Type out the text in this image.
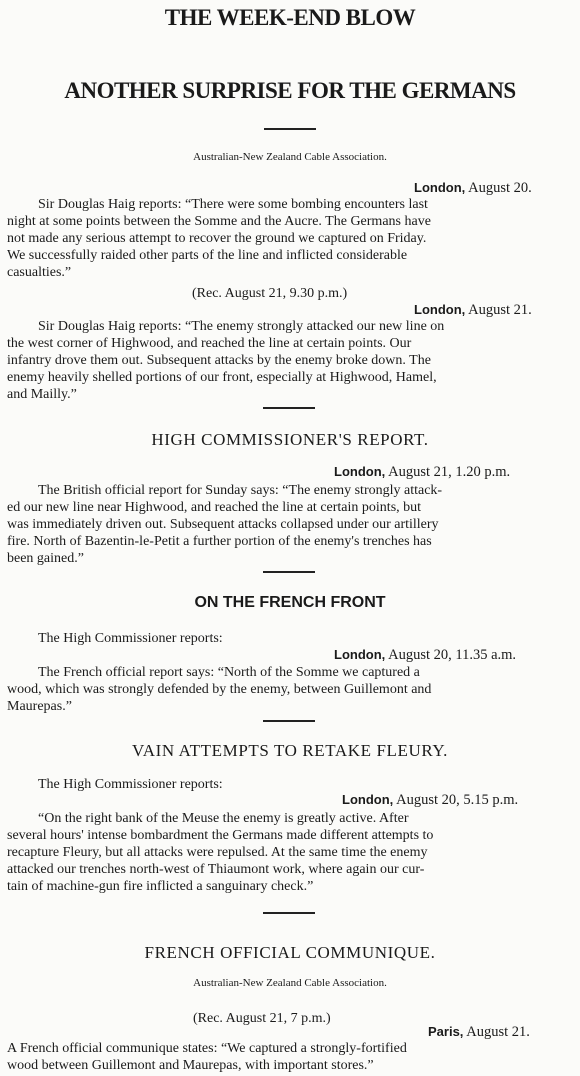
THE WEEK-END BLOW
ANOTHER SURPRISE FOR THE GERMANS
Australian-New Zealand Cable Association.
London, August 20.
Sir Douglas Haig reports: “There were some bombing encounters last
night at some points between the Somme and the Aucre. The Germans have
not made any serious attempt to recover the ground we captured on Friday.
We successfully raided other parts of the line and inflicted considerable
casualties.”
(Rec. August 21, 9.30 p.m.)
London, August 21.
Sir Douglas Haig reports: “The enemy strongly attacked our new line on
the west corner of Highwood, and reached the line at certain points. Our
infantry drove them out. Subsequent attacks by the enemy broke down. The
enemy heavily shelled portions of our front, especially at Highwood, Hamel,
and Mailly.”
HIGH COMMISSIONER'S REPORT.
London, August 21, 1.20 p.m.
The British official report for Sunday says: “The enemy strongly attack-
ed our new line near Highwood, and reached the line at certain points, but
was immediately driven out. Subsequent attacks collapsed under our artillery
fire. North of Bazentin-le-Petit a further portion of the enemy's trenches has
been gained.”
ON THE FRENCH FRONT
The High Commissioner reports:
London, August 20, 11.35 a.m.
The French official report says: “North of the Somme we captured a
wood, which was strongly defended by the enemy, between Guillemont and
Maurepas.”
VAIN ATTEMPTS TO RETAKE FLEURY.
The High Commissioner reports:
London, August 20, 5.15 p.m.
“On the right bank of the Meuse the enemy is greatly active. After
several hours' intense bombardment the Germans made different attempts to
recapture Fleury, but all attacks were repulsed. At the same time the enemy
attacked our trenches north-west of Thiaumont work, where again our cur-
tain of machine-gun fire inflicted a sanguinary check.”
FRENCH OFFICIAL COMMUNIQUE.
Australian-New Zealand Cable Association.
(Rec. August 21, 7 p.m.)
Paris, August 21.
A French official communique states: “We captured a strongly-fortified
wood between Guillemont and Maurepas, with important stores.”
